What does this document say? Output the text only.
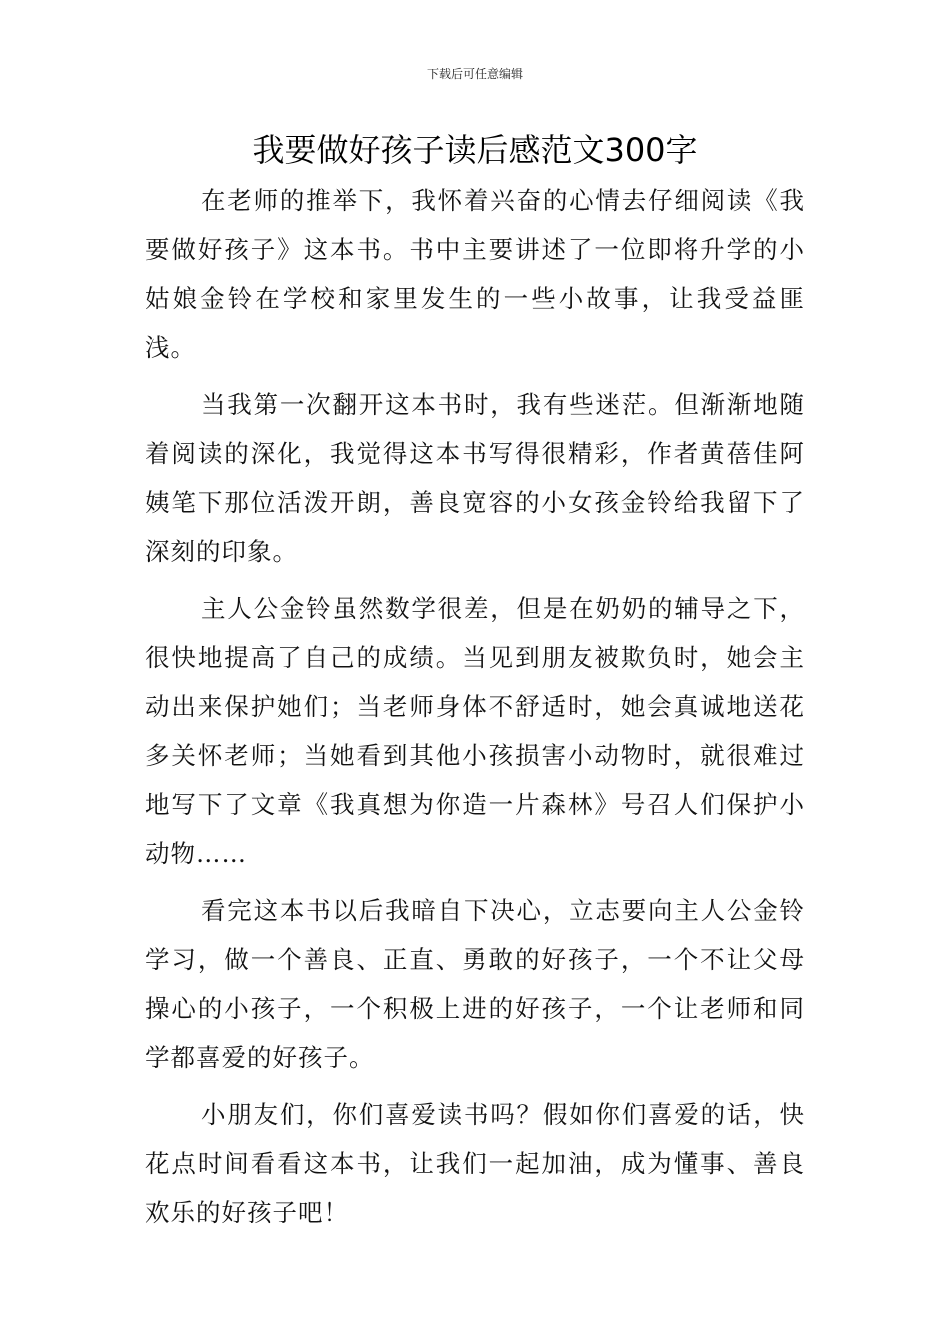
下载后可任意编辑
我要做好孩子读后感范文300字

在老师的推举下，我怀着兴奋的心情去仔细阅读《我要做好孩子》这本书。书中主要讲述了一位即将升学的小姑娘金铃在学校和家里发生的一些小故事，让我受益匪浅。

当我第一次翻开这本书时，我有些迷茫。但渐渐地随着阅读的深化，我觉得这本书写得很精彩，作者黄蓓佳阿姨笔下那位活泼开朗，善良宽容的小女孩金铃给我留下了深刻的印象。

主人公金铃虽然数学很差，但是在奶奶的辅导之下，很快地提高了自己的成绩。当见到朋友被欺负时，她会主动出来保护她们；当老师身体不舒适时，她会真诚地送花多关怀老师；当她看到其他小孩损害小动物时，就很难过地写下了文章《我真想为你造一片森林》号召人们保护小动物……

看完这本书以后我暗自下决心，立志要向主人公金铃学习，做一个善良、正直、勇敢的好孩子，一个不让父母操心的小孩子，一个积极上进的好孩子，一个让老师和同学都喜爱的好孩子。

小朋友们，你们喜爱读书吗？假如你们喜爱的话，快花点时间看看这本书，让我们一起加油，成为懂事、善良欢乐的好孩子吧！
